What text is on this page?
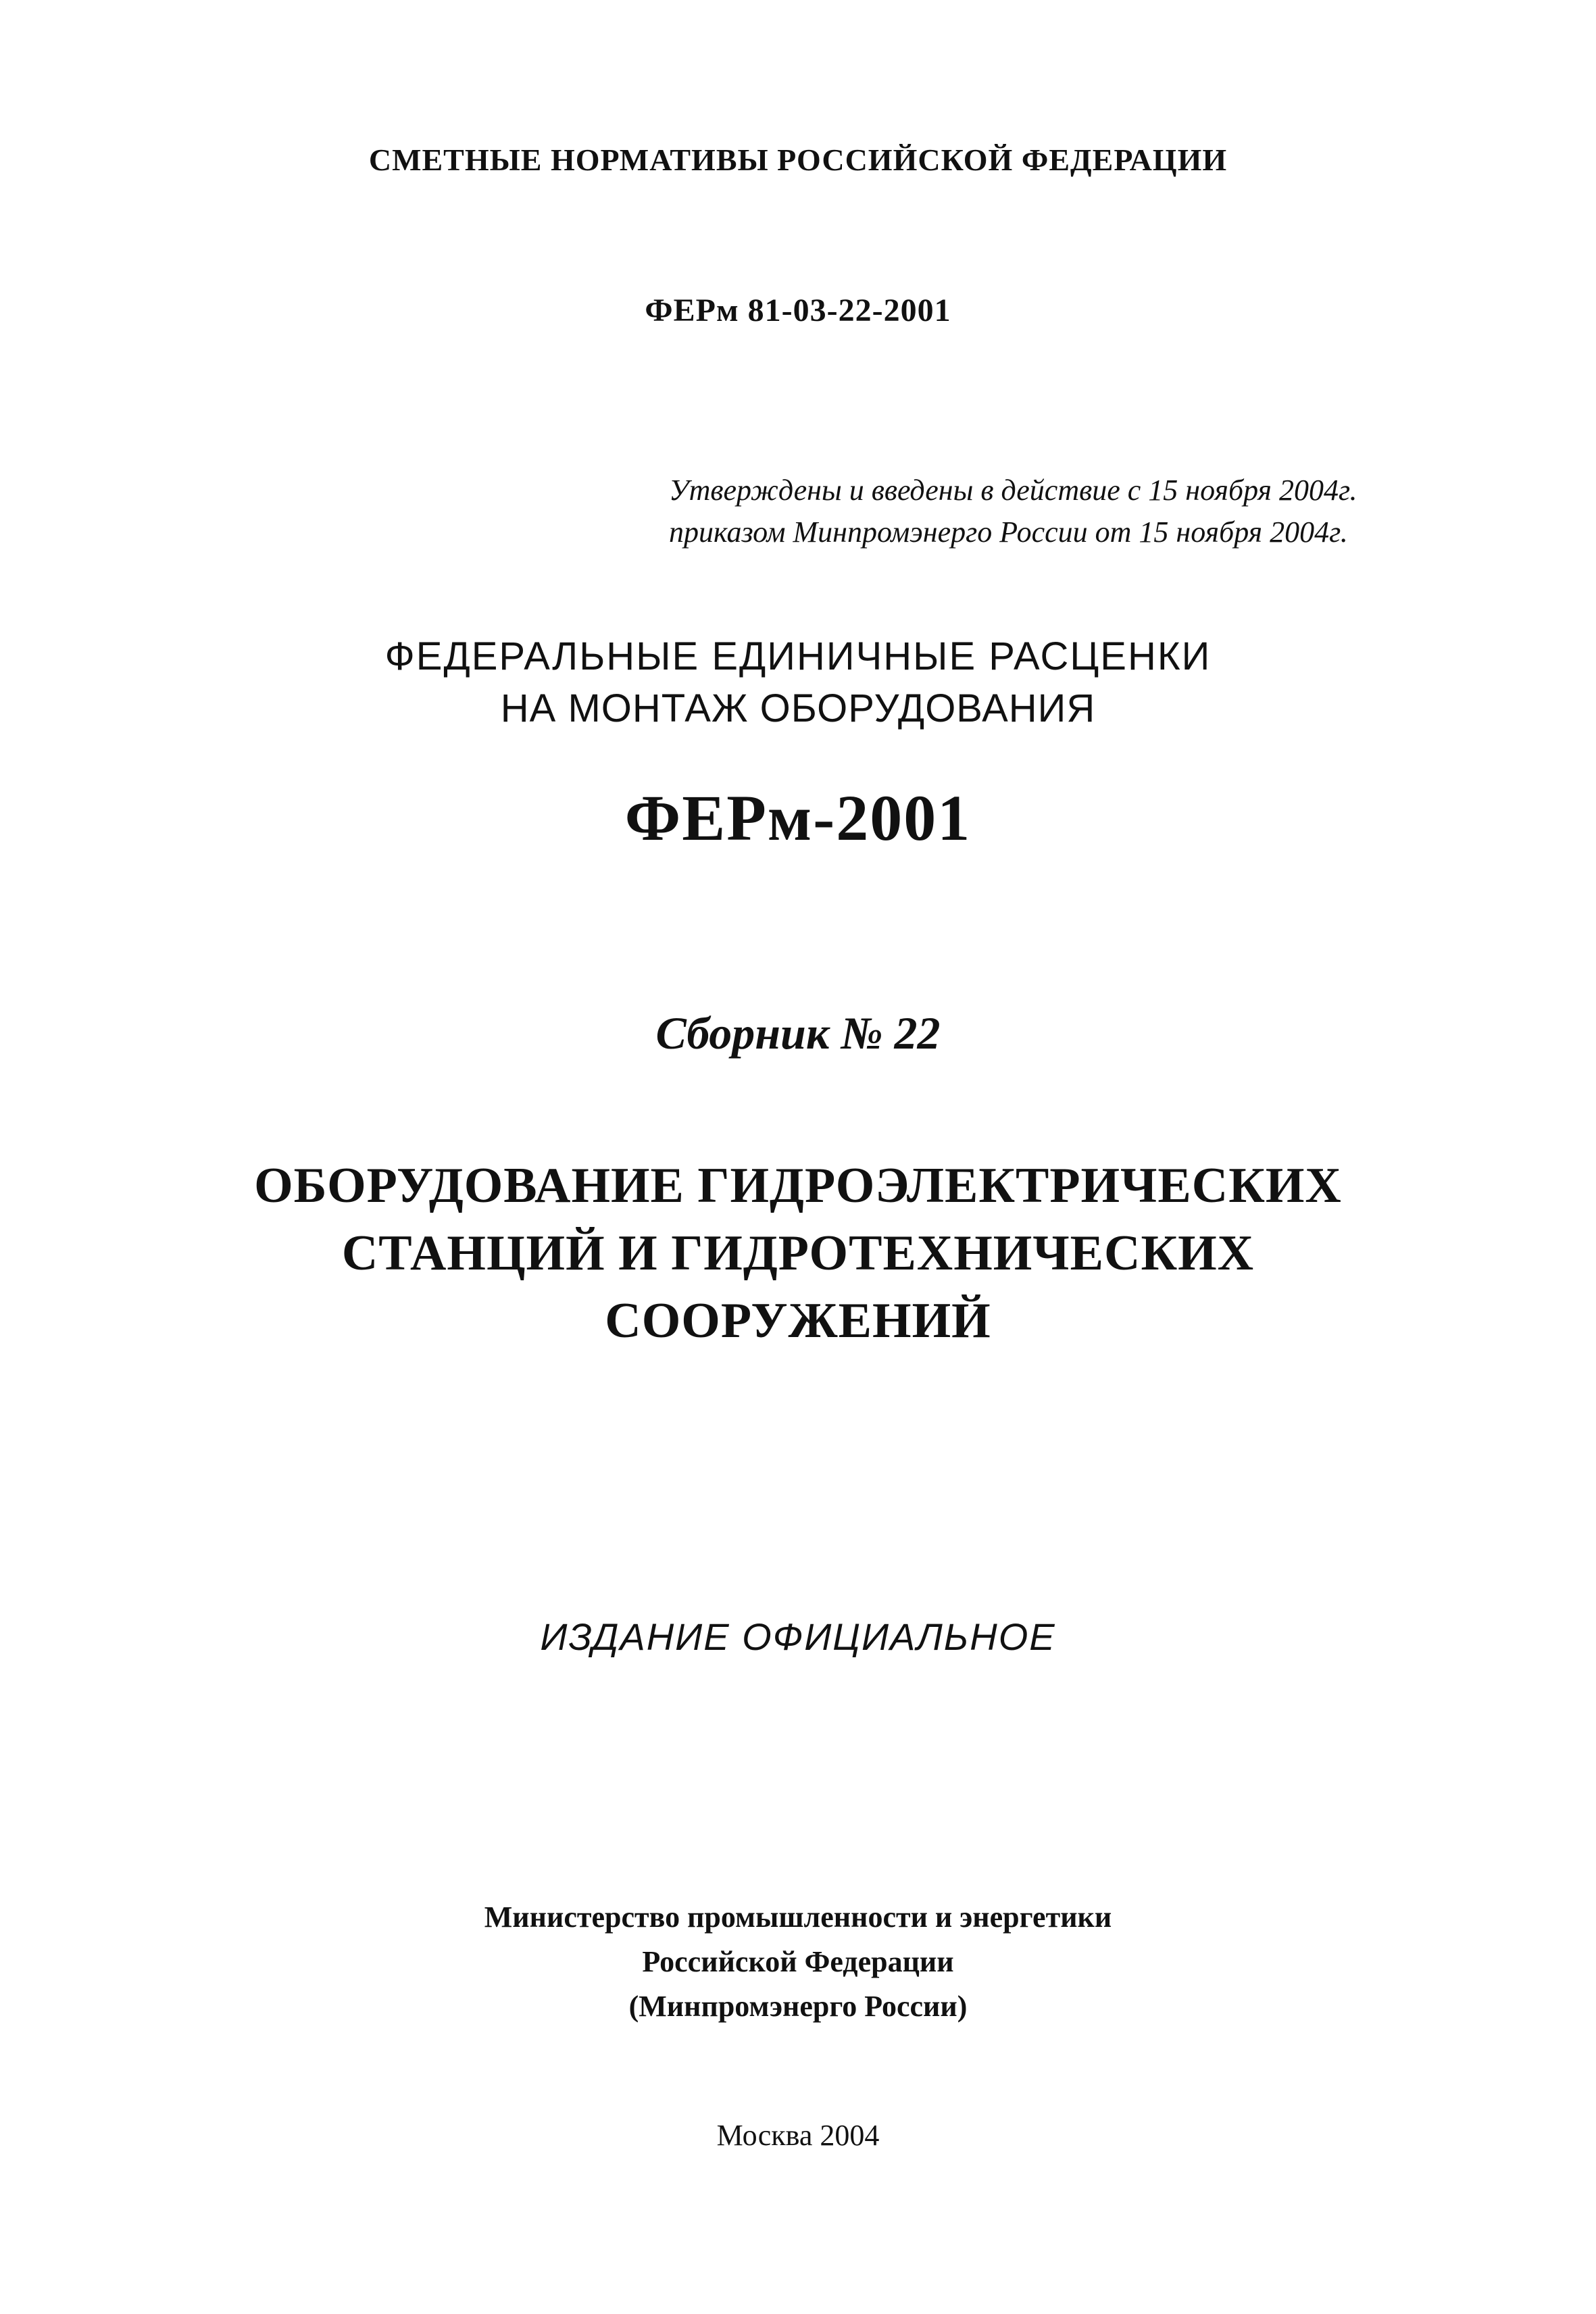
СМЕТНЫЕ НОРМАТИВЫ РОССИЙСКОЙ ФЕДЕРАЦИИ

ФЕРм 81-03-22-2001

Утверждены и введены в действие с 15 ноября 2004г.
приказом Минпромэнерго России от 15 ноября 2004г.

ФЕДЕРАЛЬНЫЕ ЕДИНИЧНЫЕ РАСЦЕНКИ

НА МОНТАЖ ОБОРУДОВАНИЯ

ФЕРм-2001

Сборник № 22

ОБОРУДОВАНИЕ ГИДРОЭЛЕКТРИЧЕСКИХ
СТАНЦИЙ И ГИДРОТЕХНИЧЕСКИХ
СООРУЖЕНИЙ

ИЗДАНИЕ ОФИЦИАЛЬНОЕ

Министерство промышленности и энергетики
Российской Федерации
(Минпромэнерго России)

Москва 2004
